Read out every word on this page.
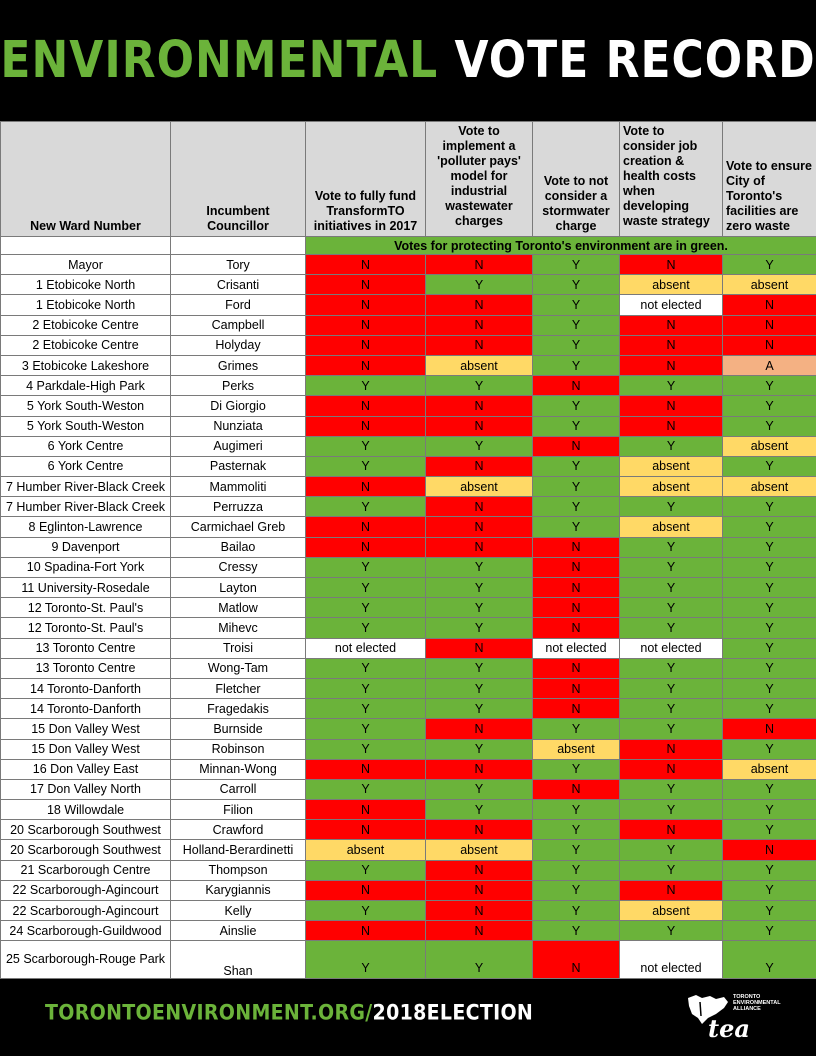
ENVIRONMENTAL VOTE RECORD
New Ward Number	Incumbent Councillor	Vote to fully fund TransformTO initiatives in 2017	Vote to implement a 'polluter pays' model for industrial wastewater charges	Vote to not consider a stormwater charge	Vote to consider job creation & health costs when developing waste strategy	Vote to ensure City of Toronto's facilities are zero waste
		Votes for protecting Toronto's environment are in green.				
Mayor	Tory	N	N	Y	N	Y
1 Etobicoke North	Crisanti	N	Y	Y	absent	absent
1 Etobicoke North	Ford	N	N	Y	not elected	N
2 Etobicoke Centre	Campbell	N	N	Y	N	N
2 Etobicoke Centre	Holyday	N	N	Y	N	N
3 Etobicoke Lakeshore	Grimes	N	absent	Y	N	A
4 Parkdale-High Park	Perks	Y	Y	N	Y	Y
5 York South-Weston	Di Giorgio	N	N	Y	N	Y
5 York South-Weston	Nunziata	N	N	Y	N	Y
6 York Centre	Augimeri	Y	Y	N	Y	absent
6 York Centre	Pasternak	Y	N	Y	absent	Y
7 Humber River-Black Creek	Mammoliti	N	absent	Y	absent	absent
7 Humber River-Black Creek	Perruzza	Y	N	Y	Y	Y
8 Eglinton-Lawrence	Carmichael Greb	N	N	Y	absent	Y
9 Davenport	Bailao	N	N	N	Y	Y
10 Spadina-Fort York	Cressy	Y	Y	N	Y	Y
11 University-Rosedale	Layton	Y	Y	N	Y	Y
12 Toronto-St. Paul's	Matlow	Y	Y	N	Y	Y
12 Toronto-St. Paul's	Mihevc	Y	Y	N	Y	Y
13 Toronto Centre	Troisi	not elected	N	not elected	not elected	Y
13 Toronto Centre	Wong-Tam	Y	Y	N	Y	Y
14 Toronto-Danforth	Fletcher	Y	Y	N	Y	Y
14 Toronto-Danforth	Fragedakis	Y	Y	N	Y	Y
15 Don Valley West	Burnside	Y	N	Y	Y	N
15 Don Valley West	Robinson	Y	Y	absent	N	Y
16 Don Valley East	Minnan-Wong	N	N	Y	N	absent
17 Don Valley North	Carroll	Y	Y	N	Y	Y
18 Willowdale	Filion	N	Y	Y	Y	Y
20 Scarborough Southwest	Crawford	N	N	Y	N	Y
20 Scarborough Southwest	Holland-Berardinetti	absent	absent	Y	Y	N
21 Scarborough Centre	Thompson	Y	N	Y	Y	Y
22 Scarborough-Agincourt	Karygiannis	N	N	Y	N	Y
22 Scarborough-Agincourt	Kelly	Y	N	Y	absent	Y
24 Scarborough-Guildwood	Ainslie	N	N	Y	Y	Y
25 Scarborough-Rouge Park	Shan	Y	Y	N	not elected	Y
TORONTOENVIRONMENT.ORG/2018ELECTION
TORONTO
ENVIRONMENTAL
ALLIANCE
tea
